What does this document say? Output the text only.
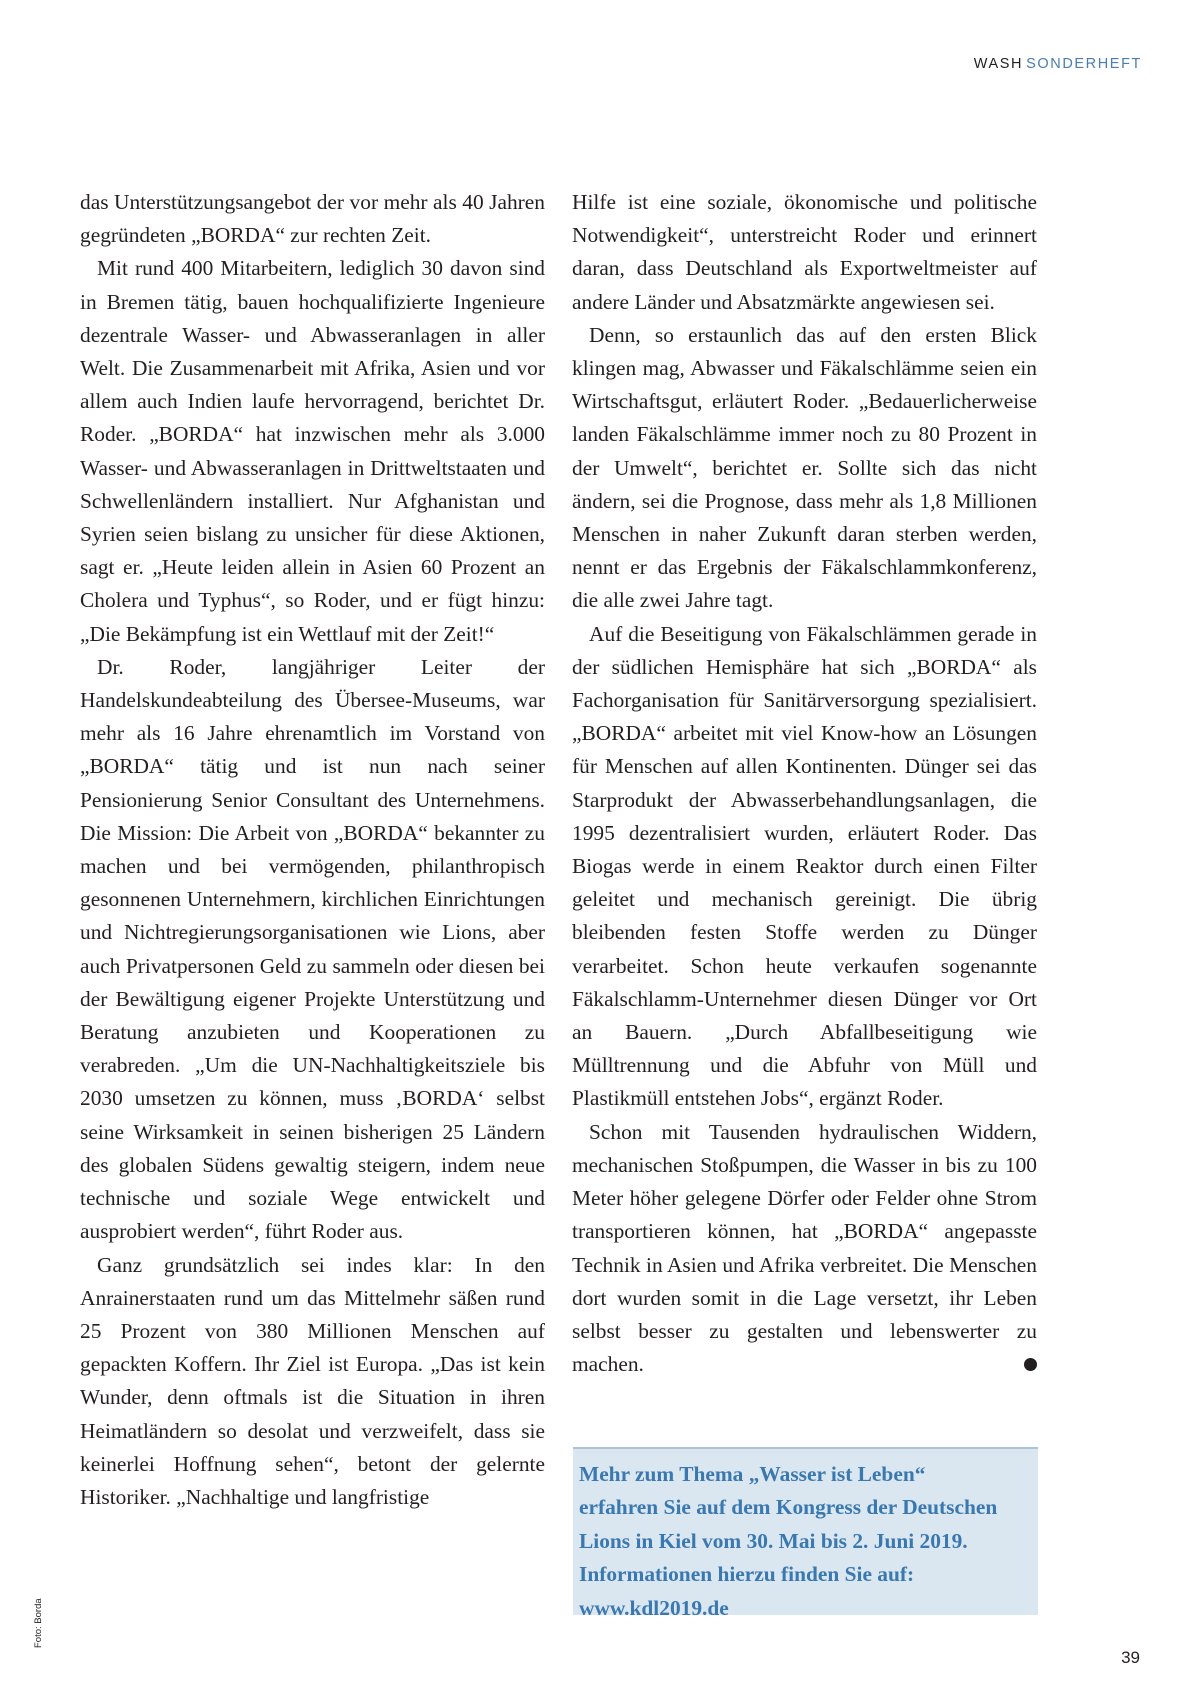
WASH SONDERHEFT

das Unterstützungsangebot der vor mehr als 40 Jahren gegründeten „BORDA“ zur rechten Zeit.

Mit rund 400 Mitarbeitern, lediglich 30 davon sind in Bremen tätig, bauen hochqualifizierte Ingenieure dezentrale Wasser- und Abwasseranlagen in aller Welt. Die Zusammenarbeit mit Afrika, Asien und vor allem auch Indien laufe hervorragend, berichtet Dr. Roder. „BORDA“ hat inzwischen mehr als 3.000 Wasser- und Abwasseranlagen in Drittweltstaaten und Schwellenländern installiert. Nur Afghanistan und Syrien seien bislang zu unsicher für diese Aktionen, sagt er. „Heute leiden allein in Asien 60 Prozent an Cholera und Typhus“, so Roder, und er fügt hinzu: „Die Bekämpfung ist ein Wettlauf mit der Zeit!“

Dr. Roder, langjähriger Leiter der Handelskundeabteilung des Übersee-Museums, war mehr als 16 Jahre ehrenamtlich im Vorstand von „BORDA“ tätig und ist nun nach seiner Pensionierung Senior Consultant des Unternehmens. Die Mission: Die Arbeit von „BORDA“ bekannter zu machen und bei vermögenden, philanthropisch gesonnenen Unternehmern, kirchlichen Einrichtungen und Nichtregierungsorganisationen wie Lions, aber auch Privatpersonen Geld zu sammeln oder diesen bei der Bewältigung eigener Projekte Unterstützung und Beratung anzubieten und Kooperationen zu verabreden. „Um die UN-Nachhaltigkeitsziele bis 2030 umsetzen zu können, muss ‚BORDA‘ selbst seine Wirksamkeit in seinen bisherigen 25 Ländern des globalen Südens gewaltig steigern, indem neue technische und soziale Wege entwickelt und ausprobiert werden“, führt Roder aus.

Ganz grundsätzlich sei indes klar: In den Anrainerstaaten rund um das Mittelmehr säßen rund 25 Prozent von 380 Millionen Menschen auf gepackten Koffern. Ihr Ziel ist Europa. „Das ist kein Wunder, denn oftmals ist die Situation in ihren Heimatländern so desolat und verzweifelt, dass sie keinerlei Hoffnung sehen“, betont der gelernte Historiker. „Nachhaltige und langfristige

Hilfe ist eine soziale, ökonomische und politische Notwendigkeit“, unterstreicht Roder und erinnert daran, dass Deutschland als Exportweltmeister auf andere Länder und Absatzmärkte angewiesen sei.

Denn, so erstaunlich das auf den ersten Blick klingen mag, Abwasser und Fäkalschlämme seien ein Wirtschaftsgut, erläutert Roder. „Bedauerlicherweise landen Fäkalschlämme immer noch zu 80 Prozent in der Umwelt“, berichtet er. Sollte sich das nicht ändern, sei die Prognose, dass mehr als 1,8 Millionen Menschen in naher Zukunft daran sterben werden, nennt er das Ergebnis der Fäkalschlammkonferenz, die alle zwei Jahre tagt.

Auf die Beseitigung von Fäkalschlämmen gerade in der südlichen Hemisphäre hat sich „BORDA“ als Fachorganisation für Sanitärversorgung spezialisiert. „BORDA“ arbeitet mit viel Know-how an Lösungen für Menschen auf allen Kontinenten. Dünger sei das Starprodukt der Abwasserbehandlungsanlagen, die 1995 dezentralisiert wurden, erläutert Roder. Das Biogas werde in einem Reaktor durch einen Filter geleitet und mechanisch gereinigt. Die übrig bleibenden festen Stoffe werden zu Dünger verarbeitet. Schon heute verkaufen sogenannte Fäkalschlamm-Unternehmer diesen Dünger vor Ort an Bauern. „Durch Abfallbeseitigung wie Mülltrennung und die Abfuhr von Müll und Plastikmüll entstehen Jobs“, ergänzt Roder.

Schon mit Tausenden hydraulischen Widdern, mechanischen Stoßpumpen, die Wasser in bis zu 100 Meter höher gelegene Dörfer oder Felder ohne Strom transportieren können, hat „BORDA“ angepasste Technik in Asien und Afrika verbreitet. Die Menschen dort wurden somit in die Lage versetzt, ihr Leben selbst besser zu gestalten und lebenswerter zu machen.	L

Mehr zum Thema „Wasser ist Leben“
erfahren Sie auf dem Kongress der Deutschen
Lions in Kiel vom 30. Mai bis 2. Juni 2019.
Informationen hierzu finden Sie auf:
www.kdl2019.de
Foto: Borda
39
